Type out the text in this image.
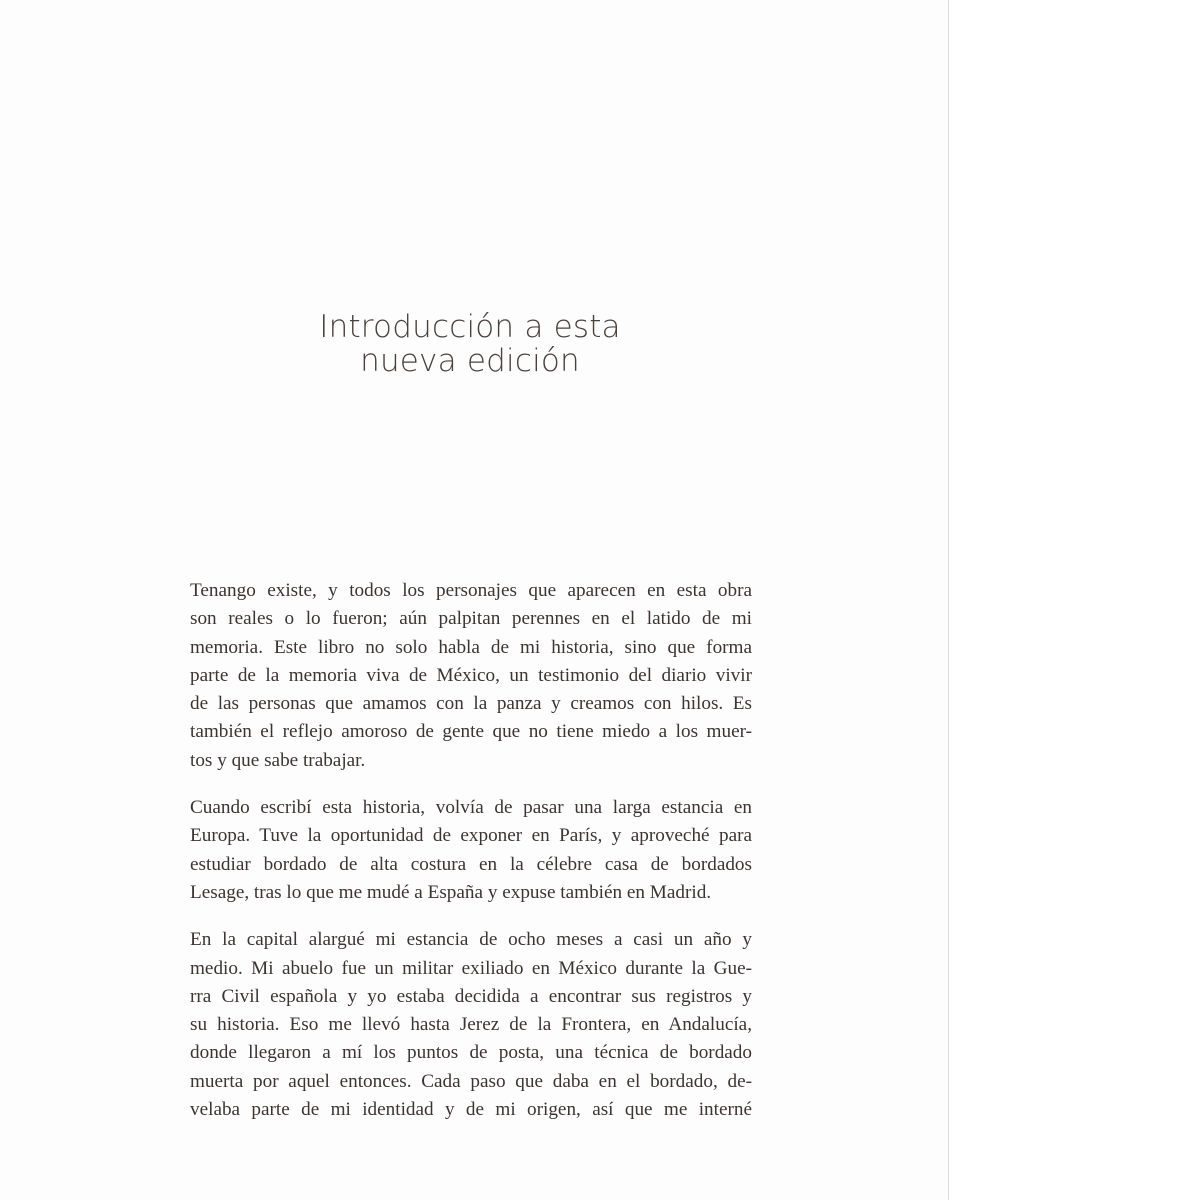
Introducción a esta
nueva edición

Tenango existe, y todos los personajes que aparecen en esta obra
son reales o lo fueron; aún palpitan perennes en el latido de mi
memoria. Este libro no solo habla de mi historia, sino que forma
parte de la memoria viva de México, un testimonio del diario vivir
de las personas que amamos con la panza y creamos con hilos. Es
también el reflejo amoroso de gente que no tiene miedo a los muer-
tos y que sabe trabajar.

Cuando escribí esta historia, volvía de pasar una larga estancia en
Europa. Tuve la oportunidad de exponer en París, y aproveché para
estudiar bordado de alta costura en la célebre casa de bordados
Lesage, tras lo que me mudé a España y expuse también en Madrid.

En la capital alargué mi estancia de ocho meses a casi un año y
medio. Mi abuelo fue un militar exiliado en México durante la Gue-
rra Civil española y yo estaba decidida a encontrar sus registros y
su historia. Eso me llevó hasta Jerez de la Frontera, en Andalucía,
donde llegaron a mí los puntos de posta, una técnica de bordado
muerta por aquel entonces. Cada paso que daba en el bordado, de-
velaba parte de mi identidad y de mi origen, así que me interné
